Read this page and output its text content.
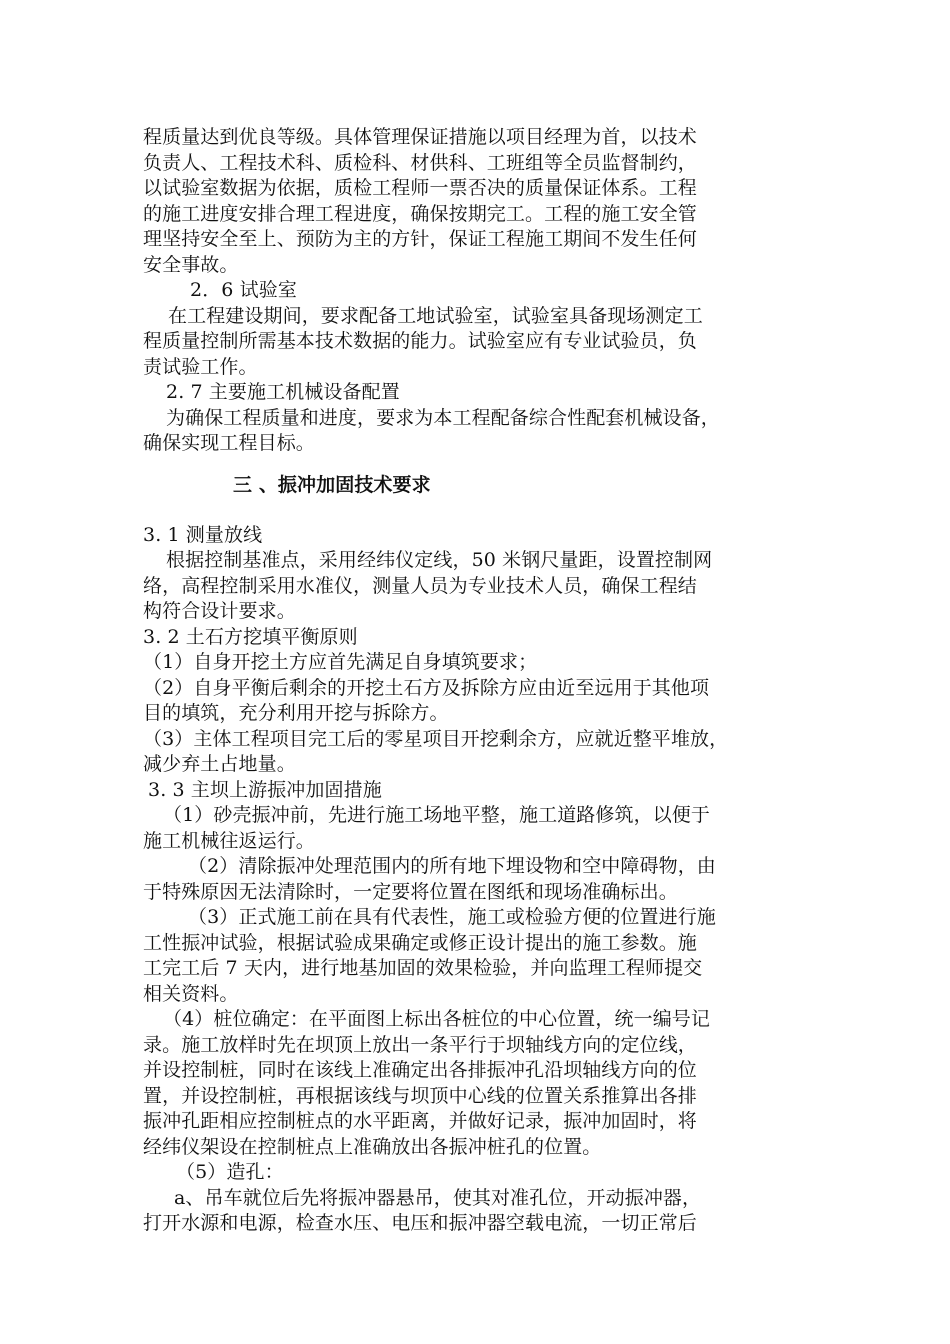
程质量达到优良等级。具体管理保证措施以项目经理为首，以技术
负责人、工程技术科、质检科、材供科、工班组等全员监督制约，
以试验室数据为依据，质检工程师一票否决的质量保证体系。工程
的施工进度安排合理工程进度，确保按期完工。工程的施工安全管
理坚持安全至上、预防为主的方针，保证工程施工期间不发生任何
安全事故。
2．6 试验室
在工程建设期间，要求配备工地试验室，试验室具备现场测定工
程质量控制所需基本技术数据的能力。试验室应有专业试验员，负
责试验工作。
2. 7 主要施工机械设备配置
为确保工程质量和进度，要求为本工程配备综合性配套机械设备，
确保实现工程目标。
三 、振冲加固技术要求
3. 1 测量放线
根据控制基准点，采用经纬仪定线，50 米钢尺量距，设置控制网
络，高程控制采用水准仪，测量人员为专业技术人员，确保工程结
构符合设计要求。
3. 2 土石方挖填平衡原则
（1）自身开挖土方应首先满足自身填筑要求；
（2）自身平衡后剩余的开挖土石方及拆除方应由近至远用于其他项
目的填筑，充分利用开挖与拆除方。
（3）主体工程项目完工后的零星项目开挖剩余方，应就近整平堆放，
减少弃土占地量。
3. 3 主坝上游振冲加固措施
（1）砂壳振冲前，先进行施工场地平整，施工道路修筑，以便于
施工机械往返运行。
（2）清除振冲处理范围内的所有地下埋设物和空中障碍物，由
于特殊原因无法清除时，一定要将位置在图纸和现场准确标出。
（3）正式施工前在具有代表性，施工或检验方便的位置进行施
工性振冲试验，根据试验成果确定或修正设计提出的施工参数。施
工完工后 7 天内，进行地基加固的效果检验，并向监理工程师提交
相关资料。
（4）桩位确定：在平面图上标出各桩位的中心位置，统一编号记
录。施工放样时先在坝顶上放出一条平行于坝轴线方向的定位线，
并设控制桩，同时在该线上准确定出各排振冲孔沿坝轴线方向的位
置，并设控制桩，再根据该线与坝顶中心线的位置关系推算出各排
振冲孔距相应控制桩点的水平距离，并做好记录，振冲加固时，将
经纬仪架设在控制桩点上准确放出各振冲桩孔的位置。
（5）造孔：
a、吊车就位后先将振冲器悬吊，使其对准孔位，开动振冲器，
打开水源和电源，检查水压、电压和振冲器空载电流，一切正常后
